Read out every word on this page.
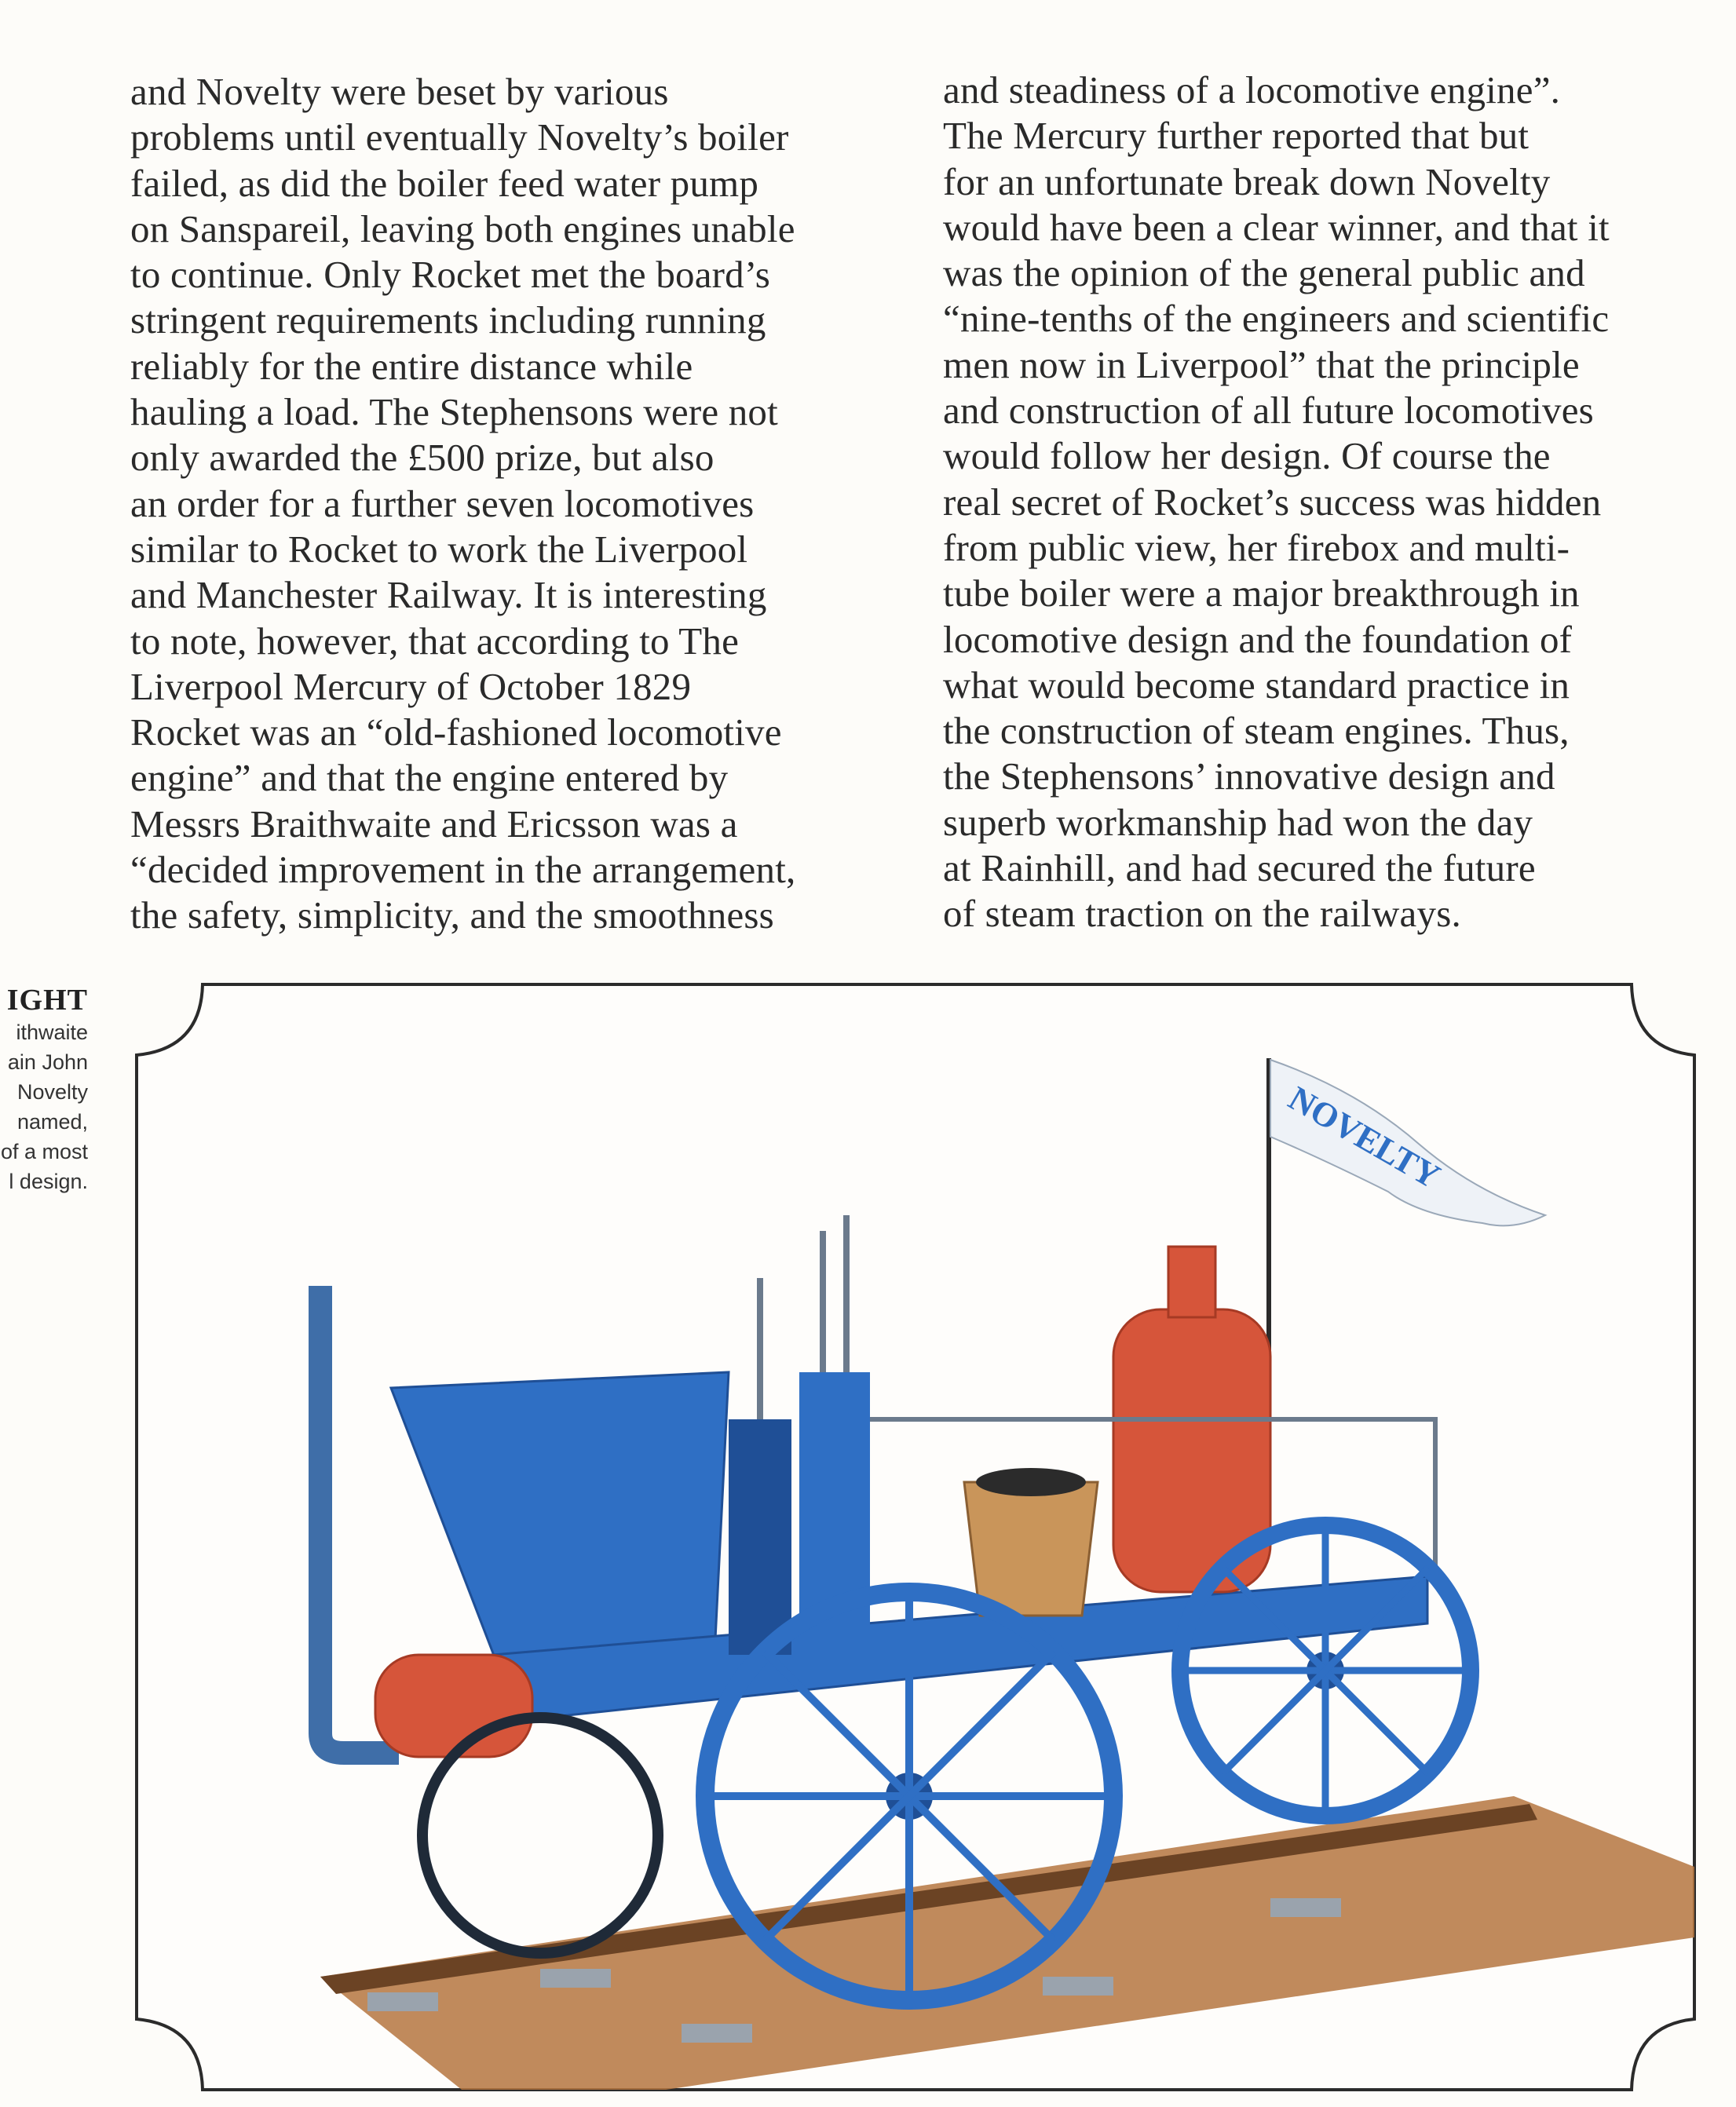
and Novelty were beset by various
problems until eventually Novelty’s boiler
failed, as did the boiler feed water pump
on Sanspareil, leaving both engines unable
to continue. Only Rocket met the board’s
stringent requirements including running
reliably for the entire distance while
hauling a load. The Stephensons were not
only awarded the £500 prize, but also
an order for a further seven locomotives
similar to Rocket to work the Liverpool
and Manchester Railway. It is interesting
to note, however, that according to The
Liverpool Mercury of October 1829
Rocket was an “old-fashioned locomotive
engine” and that the engine entered by
Messrs Braithwaite and Ericsson was a
“decided improvement in the arrangement,
the safety, simplicity, and the smoothness
and steadiness of a locomotive engine”.
The Mercury further reported that but
for an unfortunate break down Novelty
would have been a clear winner, and that it
was the opinion of the general public and
“nine-tenths of the engineers and scientific
men now in Liverpool” that the principle
and construction of all future locomotives
would follow her design. Of course the
real secret of Rocket’s success was hidden
from public view, her firebox and multi-
tube boiler were a major breakthrough in
locomotive design and the foundation of
what would become standard practice in
the construction of steam engines. Thus,
the Stephensons’ innovative design and
superb workmanship had won the day
at Rainhill, and had secured the future
of steam traction on the railways.
IGHT
ithwaite
ain John
Novelty
named,
of a most
l design.	NOVELTY
